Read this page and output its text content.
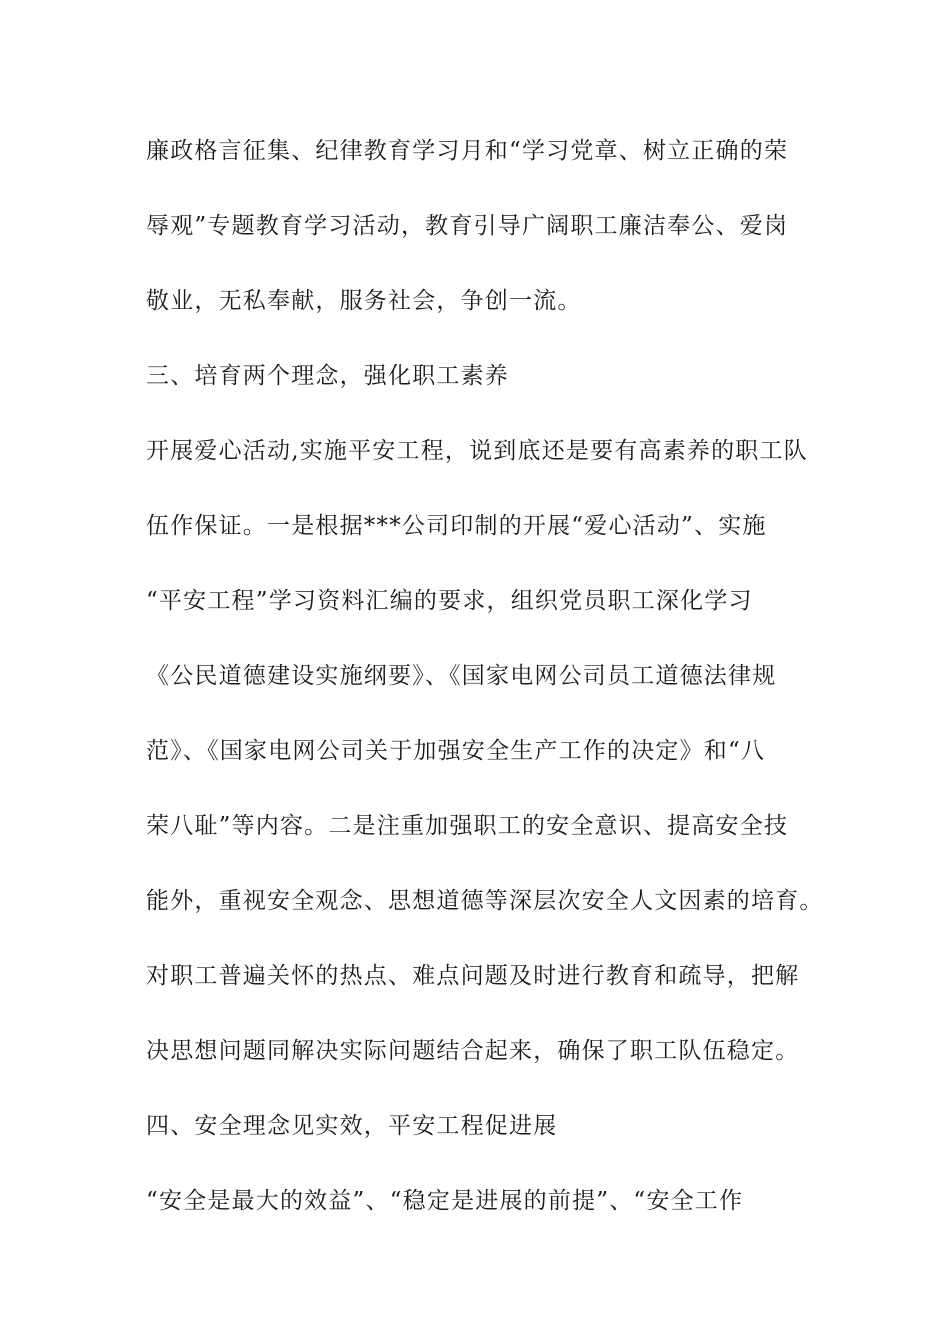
廉政格言征集、纪律教育学习月和“学习党章、树立正确的荣
辱观”专题教育学习活动，教育引导广阔职工廉洁奉公、爱岗
敬业，无私奉献，服务社会，争创一流。
三、培育两个理念，强化职工素养
开展爱心活动,实施平安工程，说到底还是要有高素养的职工队
伍作保证。一是根据***公司印制的开展“爱心活动”、实施
“平安工程”学习资料汇编的要求，组织党员职工深化学习
《公民道德建设实施纲要》、《国家电网公司员工道德法律规
范》、《国家电网公司关于加强安全生产工作的决定》和“八
荣八耻”等内容。二是注重加强职工的安全意识、提高安全技
能外，重视安全观念、思想道德等深层次安全人文因素的培育。
对职工普遍关怀的热点、难点问题及时进行教育和疏导，把解
决思想问题同解决实际问题结合起来，确保了职工队伍稳定。
四、安全理念见实效，平安工程促进展
“安全是最大的效益”、“稳定是进展的前提”、“安全工作
